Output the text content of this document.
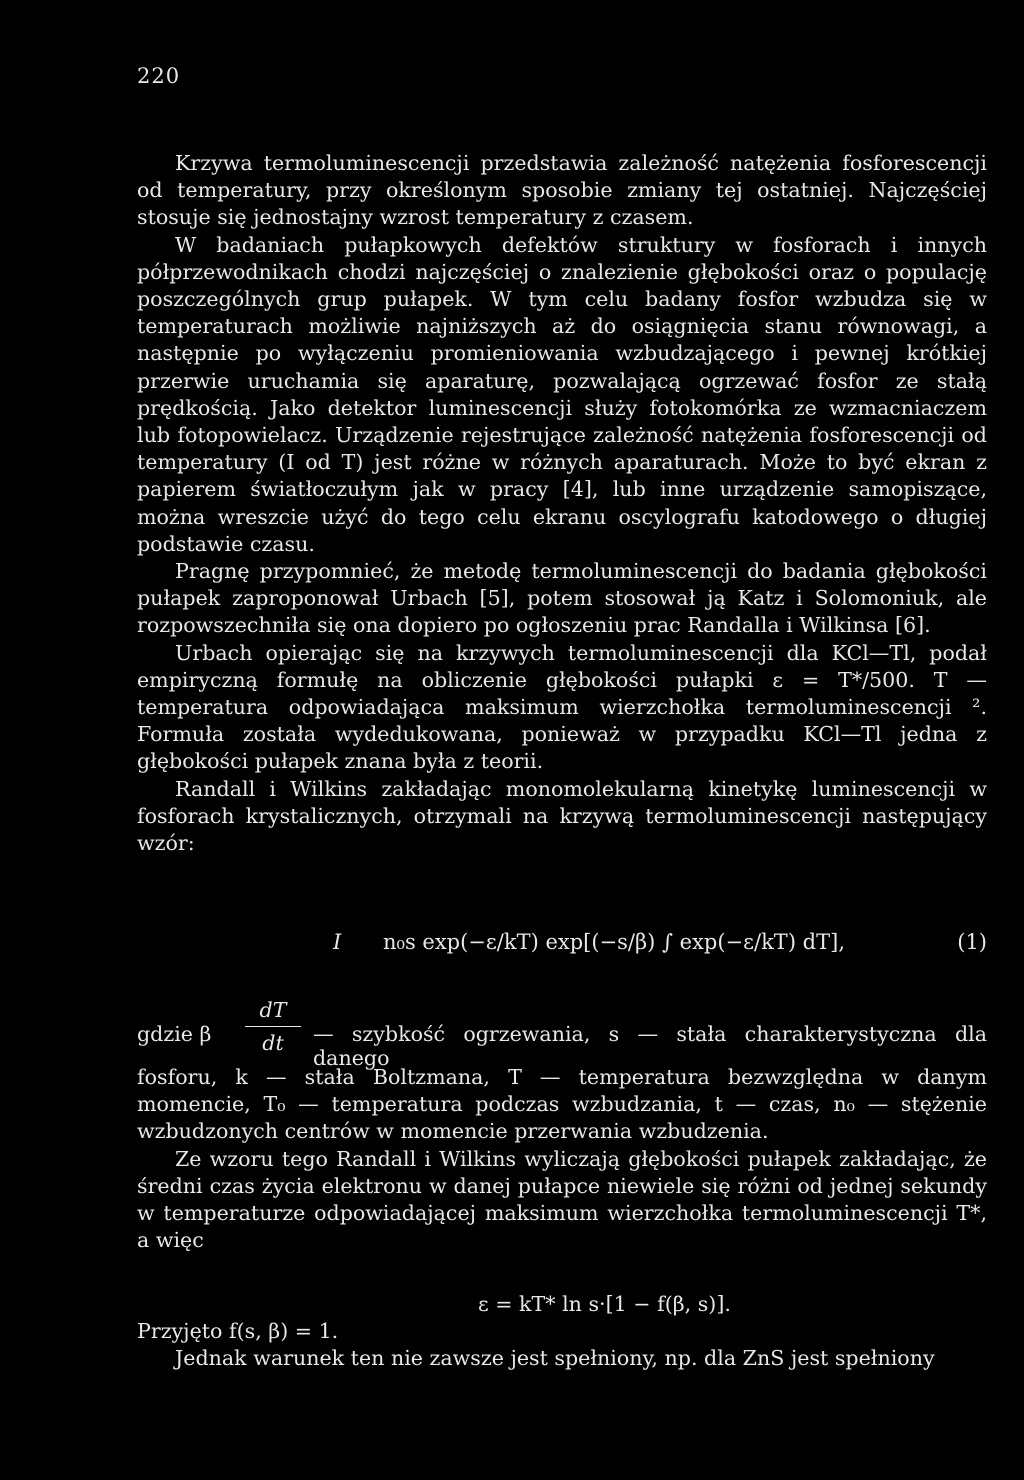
220

Krzywa termoluminescencji przedstawia zależność natężenia fosforescencji od temperatury, przy określonym sposobie zmiany tej ostatniej. Najczęściej stosuje się jednostajny wzrost temperatury z czasem.

W badaniach pułapkowych defektów struktury w fosforach i innych półprzewodnikach chodzi najczęściej o znalezienie głębokości oraz o populację poszczególnych grup pułapek. W tym celu badany fosfor wzbudza się w temperaturach możliwie najniższych aż do osiągnięcia stanu równowagi, a następnie po wyłączeniu promieniowania wzbudzającego i pewnej krótkiej przerwie uruchamia się aparaturę, pozwalającą ogrzewać fosfor ze stałą prędkością. Jako detektor luminescencji służy fotokomórka ze wzmacniaczem lub fotopowielacz. Urządzenie rejestrujące zależność natężenia fosforescencji od temperatury (I od T) jest różne w różnych aparaturach. Może to być ekran z papierem światłoczułym jak w pracy [4], lub inne urządzenie samopiszące, można wreszcie użyć do tego celu ekranu oscylografu katodowego o długiej podstawie czasu.

Pragnę przypomnieć, że metodę termoluminescencji do badania głębokości pułapek zaproponował Urbach [5], potem stosował ją Katz i Solomoniuk, ale rozpowszechniła się ona dopiero po ogłoszeniu prac Randalla i Wilkinsa [6].

Urbach opierając się na krzywych termoluminescencji dla KCl—Tl, podał empiryczną formułę na obliczenie głębokości pułapki ε = T*/500. T — temperatura odpowiadająca maksimum wierzchołka termoluminescencji ². Formuła została wydedukowana, ponieważ w przypadku KCl—Tl jedna z głębokości pułapek znana była z teorii.

Randall i Wilkins zakładając monomolekularną kinetykę luminescencji w fosforach krystalicznych, otrzymali na krzywą termoluminescencji następujący wzór:

I n₀s exp(−ε/kT) exp[(−s/β) ∫ exp(−ε/kT) dT],	(1)
gdzie β
dT
dt	— szybkość ogrzewania, s — stała charakterystyczna dla danego

fosforu, k — stała Boltzmana, T — temperatura bezwzględna w danym momencie, T₀ — temperatura podczas wzbudzania, t — czas, n₀ — stężenie wzbudzonych centrów w momencie przerwania wzbudzenia.

Ze wzoru tego Randall i Wilkins wyliczają głębokości pułapek zakładając, że średni czas życia elektronu w danej pułapce niewiele się różni od jednej sekundy w temperaturze odpowiadającej maksimum wierzchołka termoluminescencji T*, a więc

ε = kT* ln s·[1 − f(β, s)].

Przyjęto f(s, β) = 1.

Jednak warunek ten nie zawsze jest spełniony, np. dla ZnS jest spełniony
